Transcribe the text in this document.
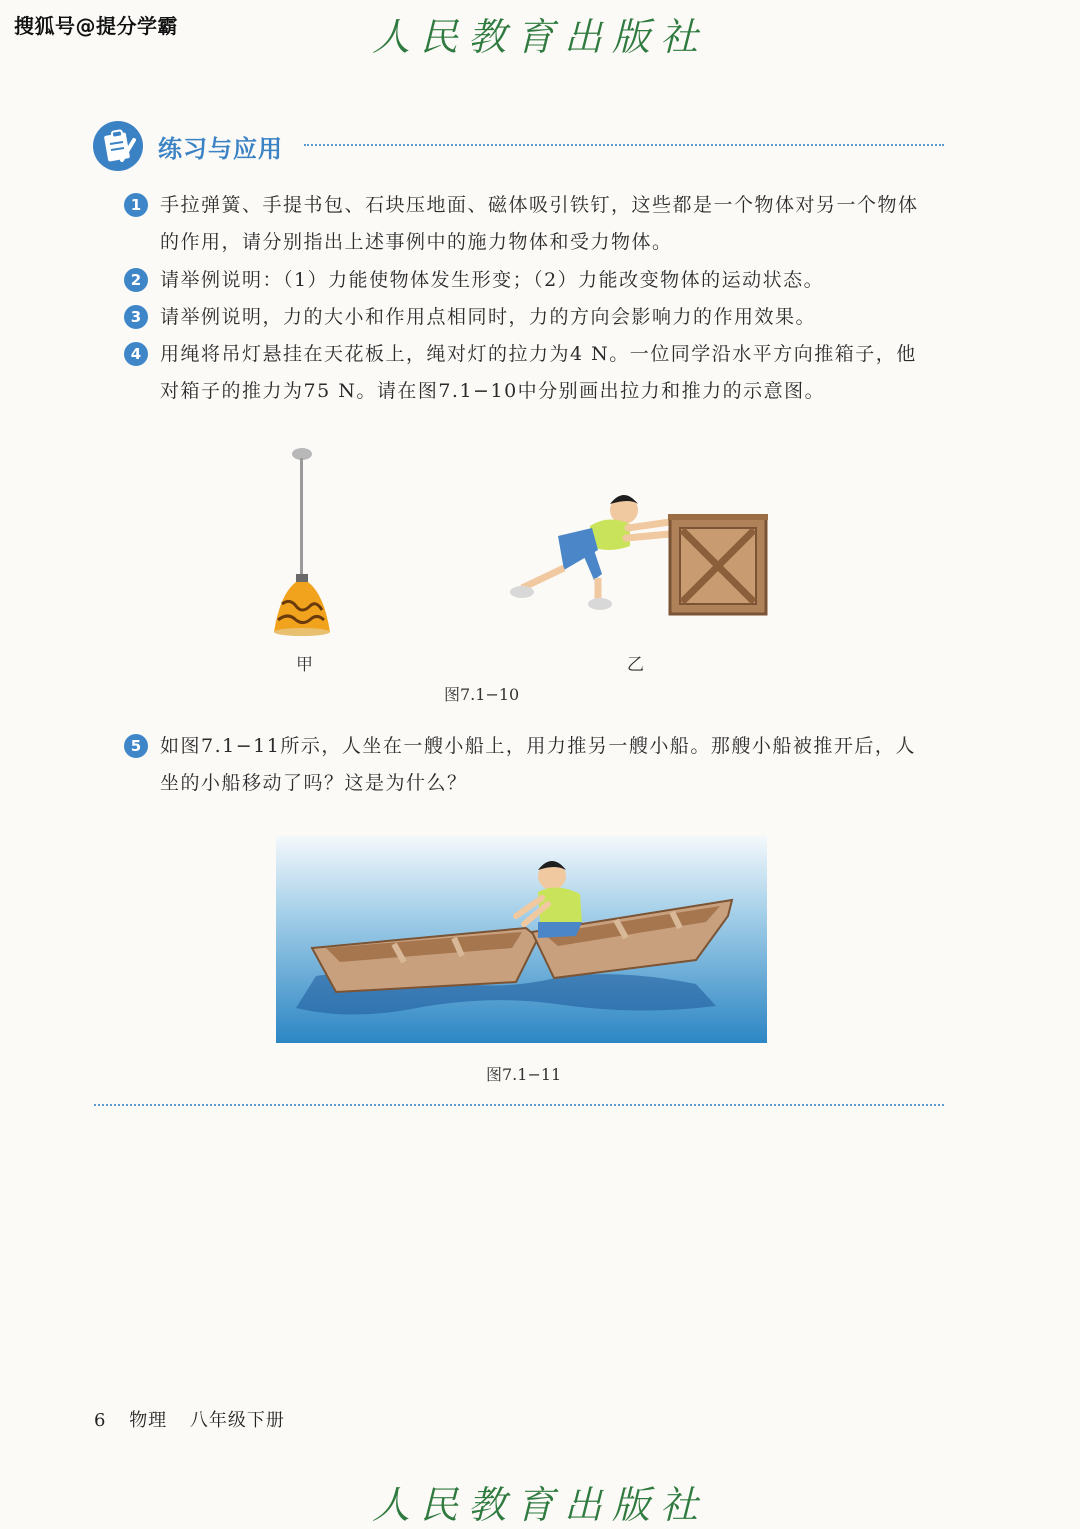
搜狐号@提分学霸	人民教育出版社
练习与应用
1 手拉弹簧、手提书包、石块压地面、磁体吸引铁钉，这些都是一个物体对另一个物体的作用，请分别指出上述事例中的施力物体和受力物体。
2 请举例说明：（1）力能使物体发生形变；（2）力能改变物体的运动状态。
3 请举例说明，力的大小和作用点相同时，力的方向会影响力的作用效果。
4 用绳将吊灯悬挂在天花板上，绳对灯的拉力为4 N。一位同学沿水平方向推箱子，他对箱子的推力为75 N。请在图7.1−10中分别画出拉力和推力的示意图。
甲	乙
图7.1−10
5 如图7.1−11所示，人坐在一艘小船上，用力推另一艘小船。那艘小船被推开后，人坐的小船移动了吗？这是为什么？
图7.1−11
6 物理 八年级下册
人民教育出版社
